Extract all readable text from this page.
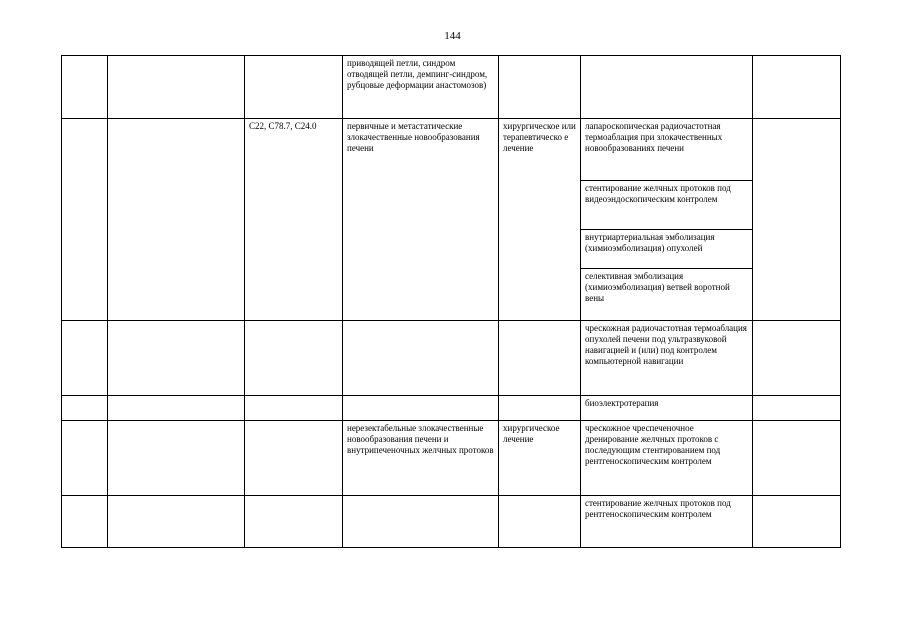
144
			приводящей петли, синдром отводящей петли, демпинг-синдром, рубцовые деформации анастомозов)			
		C22, C78.7, C24.0	первичные и метастатические злокачественные новообразования печени	хирургическое или терапевтическо е лечение	лапароскопическая радиочастотная термоаблация при злокачественных новообразованиях печени	
					стентирование желчных протоков под видеоэндоскопическим контролем	
					внутриартериальная эмболизация (химиоэмболизация) опухолей	
					селективная эмболизация (химиоэмболизация) ветвей воротной вены	
					чрескожная радиочастотная термоаблация опухолей печени под ультразвуковой навигацией и (или) под контролем компьютерной навигации	
					биоэлектротерапия	
			нерезектабельные злокачественные новообразования печени и внутрипеченочных желчных протоков	хирургическое лечение	чрескожное чреспеченочное дренирование желчных протоков с последующим стентированием под рентгеноскопическим контролем	
					стентирование желчных протоков под рентгеноскопическим контролем	
